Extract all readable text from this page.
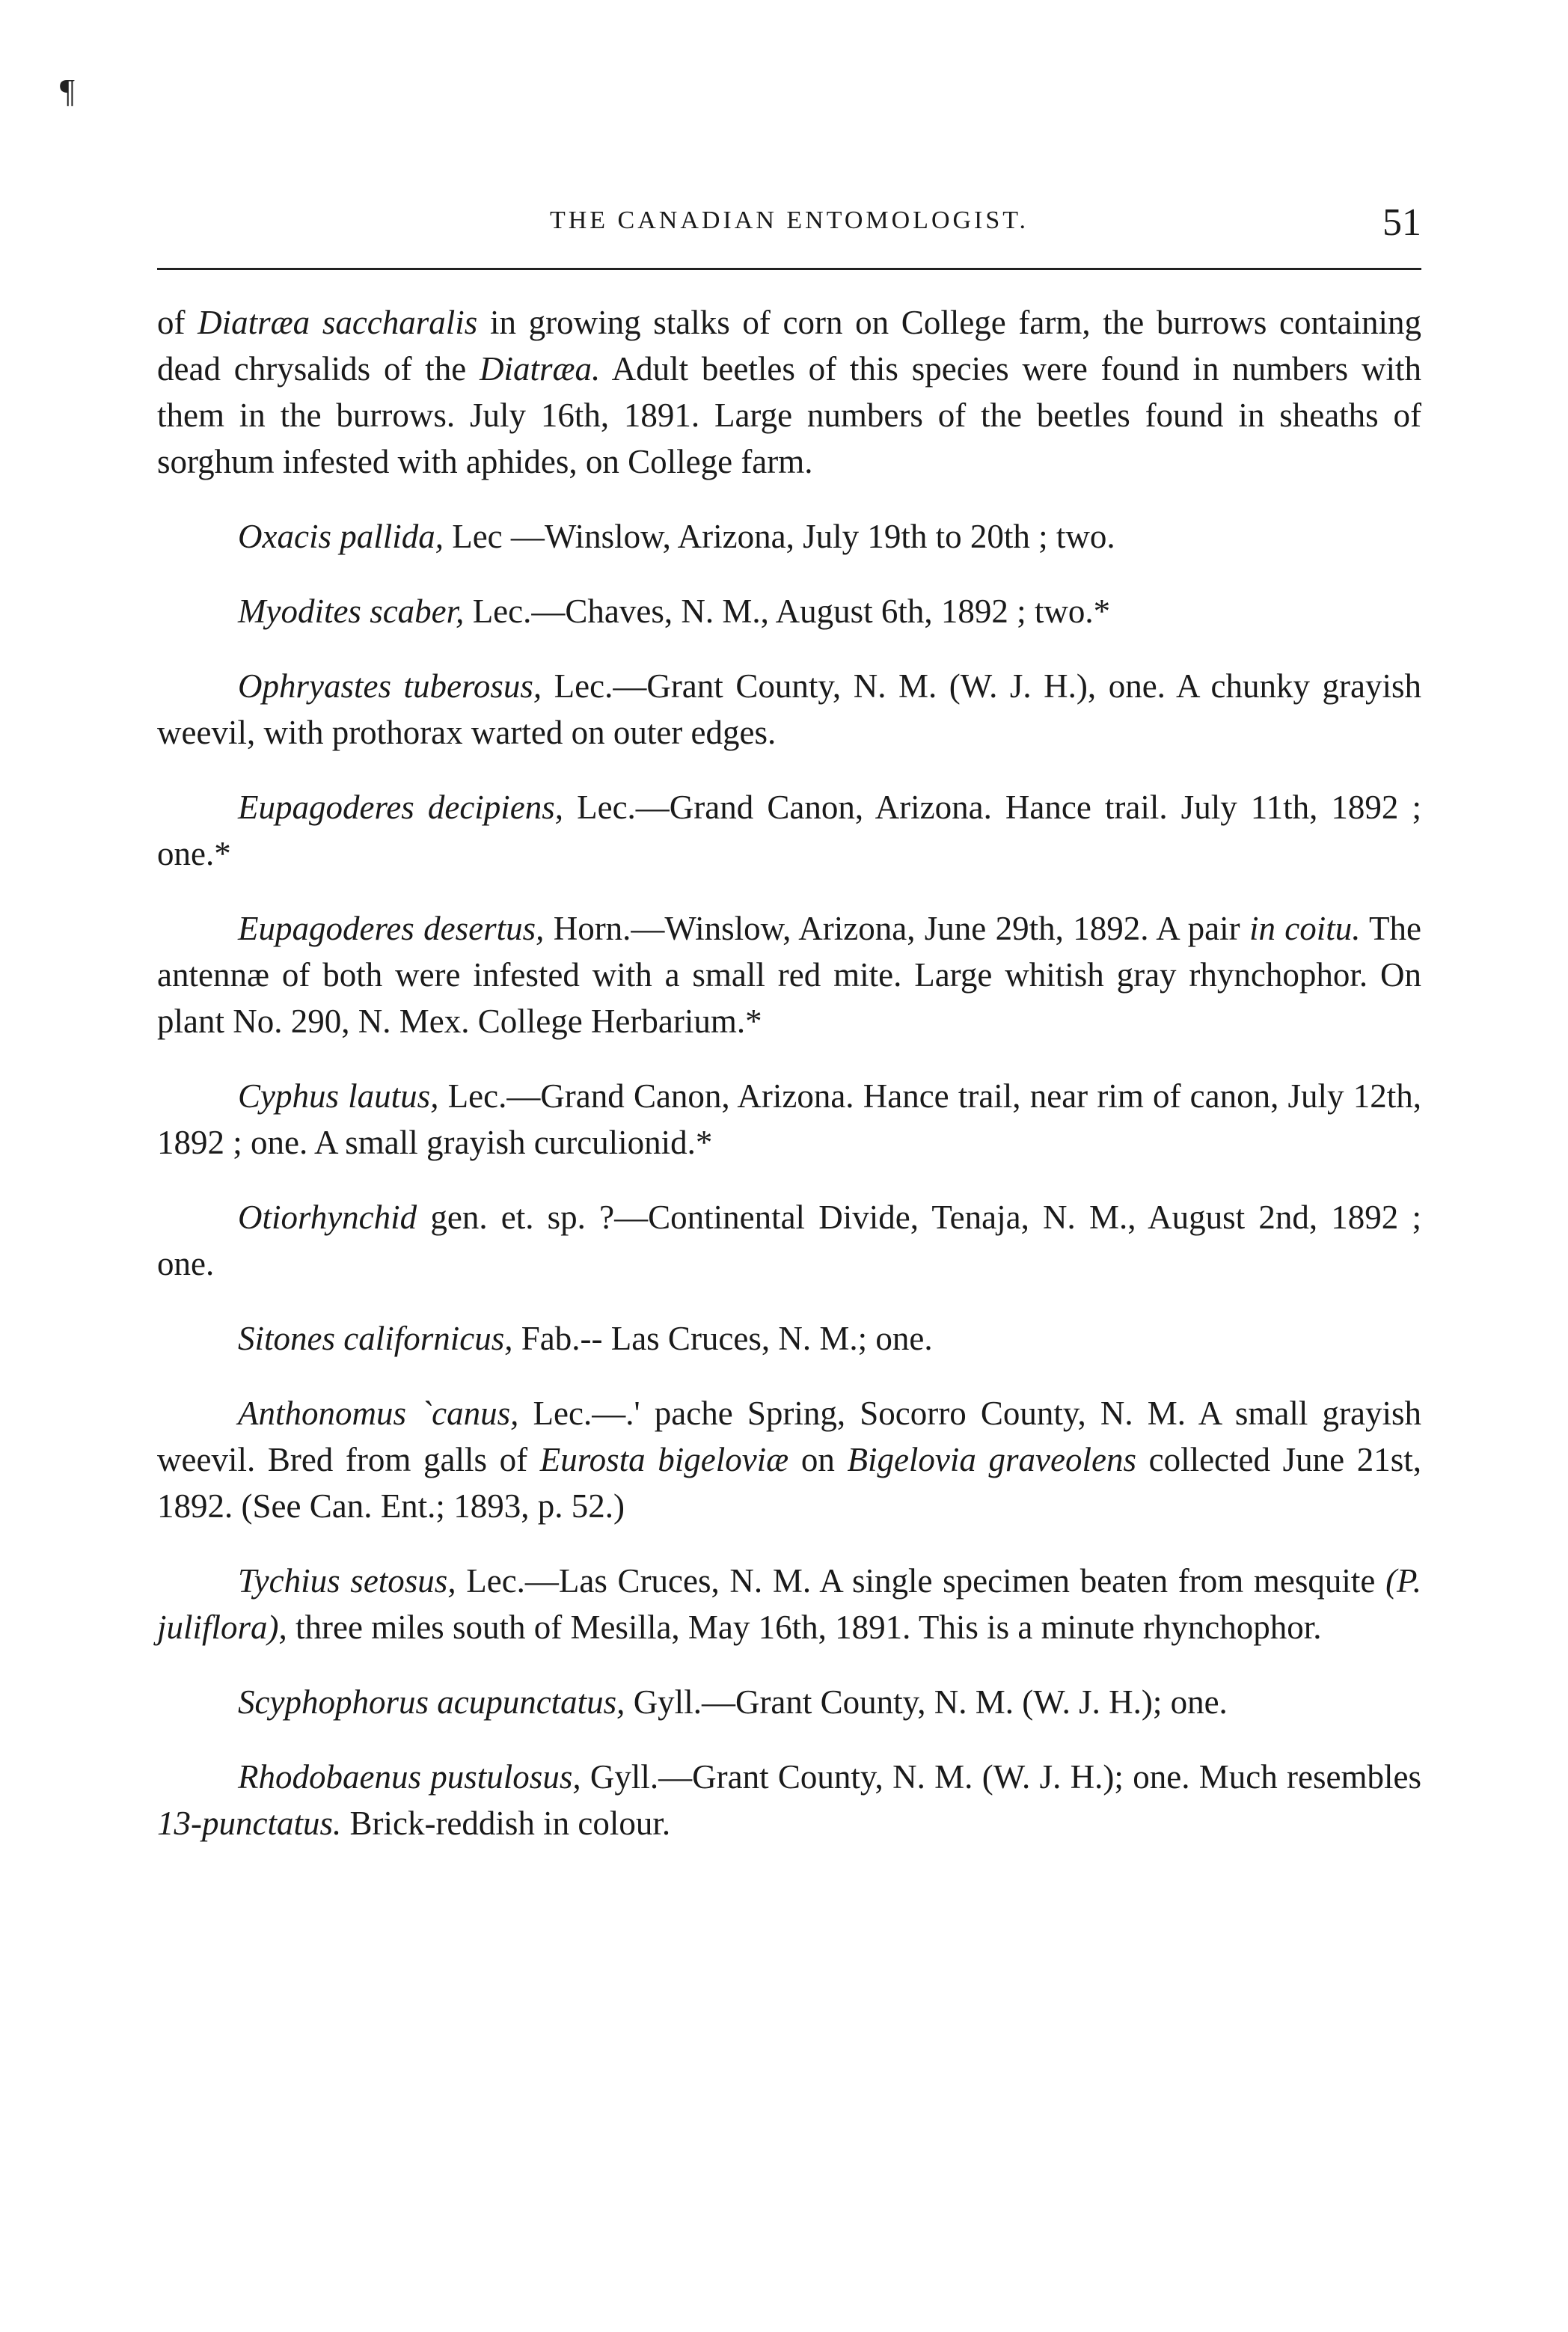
¶
THE CANADIAN ENTOMOLOGIST.	51

of Diatræa saccharalis in growing stalks of corn on College farm, the burrows containing dead chrysalids of the Diatræa. Adult beetles of this species were found in numbers with them in the burrows. July 16th, 1891. Large numbers of the beetles found in sheaths of sorghum infested with aphides, on College farm.

Oxacis pallida, Lec —Winslow, Arizona, July 19th to 20th ; two.

Myodites scaber, Lec.—Chaves, N. M., August 6th, 1892 ; two.*

Ophryastes tuberosus, Lec.—Grant County, N. M. (W. J. H.), one. A chunky grayish weevil, with prothorax warted on outer edges.

Eupagoderes decipiens, Lec.—Grand Canon, Arizona. Hance trail. July 11th, 1892 ; one.*

Eupagoderes desertus, Horn.—Winslow, Arizona, June 29th, 1892. A pair in coitu. The antennæ of both were infested with a small red mite. Large whitish gray rhynchophor. On plant No. 290, N. Mex. College Herbarium.*

Cyphus lautus, Lec.—Grand Canon, Arizona. Hance trail, near rim of canon, July 12th, 1892 ; one. A small grayish curculionid.*

Otiorhynchid gen. et. sp. ?—Continental Divide, Tenaja, N. M., August 2nd, 1892 ; one.

Sitones californicus, Fab.-- Las Cruces, N. M.; one.

Anthonomus `canus, Lec.—.' pache Spring, Socorro County, N. M. A small grayish weevil. Bred from galls of Eurosta bigeloviæ on Bigelovia graveolens collected June 21st, 1892. (See Can. Ent.; 1893, p. 52.)

Tychius setosus, Lec.—Las Cruces, N. M. A single specimen beaten from mesquite (P. juliflora), three miles south of Mesilla, May 16th, 1891. This is a minute rhynchophor.

Scyphophorus acupunctatus, Gyll.—Grant County, N. M. (W. J. H.); one.

Rhodobaenus pustulosus, Gyll.—Grant County, N. M. (W. J. H.); one. Much resembles 13-punctatus. Brick-reddish in colour.
